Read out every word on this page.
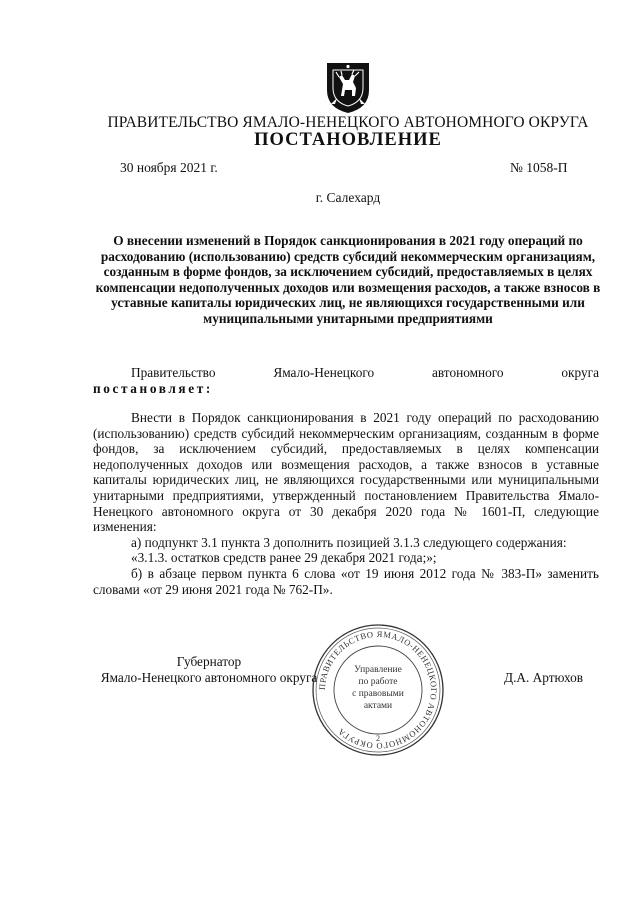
ПРАВИТЕЛЬСТВО ЯМАЛО-НЕНЕЦКОГО АВТОНОМНОГО ОКРУГА
ПОСТАНОВЛЕНИЕ
30 ноября 2021 г.	№ 1058-П
г. Салехард
О внесении изменений в Порядок санкционирования в 2021 году операций по расходованию (использованию) средств субсидий некоммерческим организациям, созданным в форме фондов, за исключением субсидий, предоставляемых в целях компенсации недополученных доходов или возмещения расходов, а также взносов в уставные капиталы юридических лиц, не являющихся государственными или муниципальными унитарными предприятиями
Правительство Ямало-Ненецкого автономного округа
постановляет:

Внести в Порядок санкционирования в 2021 году операций по расходованию (использованию) средств субсидий некоммерческим организациям, созданным в форме фондов, за исключением субсидий, предоставляемых в целях компенсации недополученных доходов или возмещения расходов, а также взносов в уставные капиталы юридических лиц, не являющихся государственными или муниципальными унитарными предприятиями, утвержденный постановлением Правительства Ямало-Ненецкого автономного округа от 30 декабря 2020 года № 1601-П, следующие изменения:

а) подпункт 3.1 пункта 3 дополнить позицией 3.1.3 следующего содержания:

«3.1.3. остатков средств ранее 29 декабря 2021 года;»;

б) в абзаце первом пункта 6 слова «от 19 июня 2012 года № 383-П» заменить словами «от 29 июня 2021 года № 762-П».

Губернатор
Ямало-Ненецкого автономного округа	Д.А. Артюхов
ПРАВИТЕЛЬСТВО ЯМАЛО-НЕНЕЦКОГО АВТОНОМНОГО ОКРУГА
Управление
по работе
с правовыми
актами
2
